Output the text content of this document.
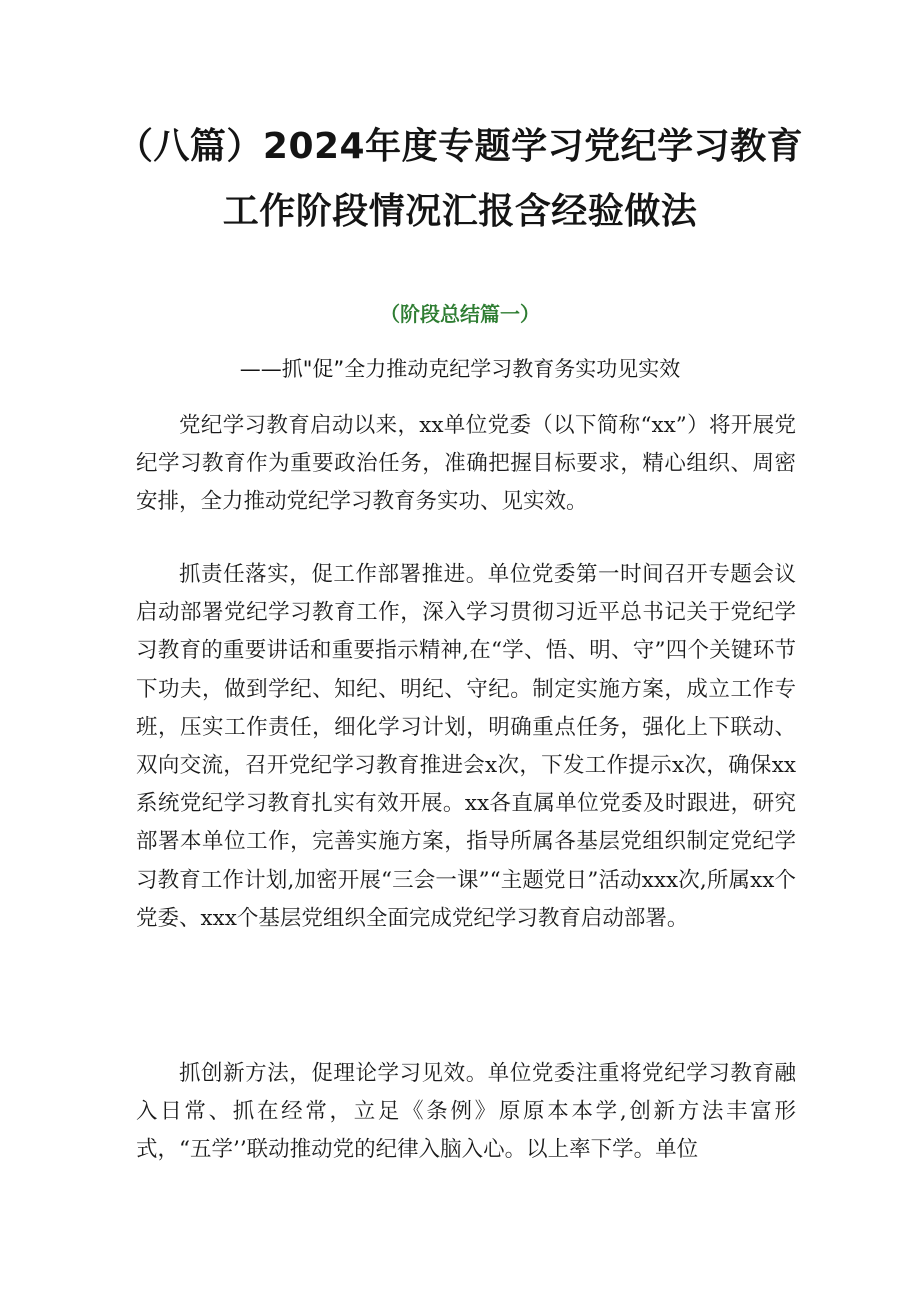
（八篇）2024年度专题学习党纪学习教育
工作阶段情况汇报含经验做法
（阶段总结篇一）
——抓"促”全力推动克纪学习教育务实功见实效
党纪学习教育启动以来，xx单位党委（以下简称“xx”）将开展党纪学习教育作为重要政治任务，准确把握目标要求，精心组织、周密安排，全力推动党纪学习教育务实功、见实效。
抓责任落实，促工作部署推进。单位党委第一时间召开专题会议启动部署党纪学习教育工作，深入学习贯彻习近平总书记关于党纪学习教育的重要讲话和重要指示精神,在“学、悟、明、守”四个关键环节下功夫，做到学纪、知纪、明纪、守纪。制定实施方案，成立工作专班，压实工作责任，细化学习计划，明确重点任务，强化上下联动、双向交流，召开党纪学习教育推进会x次，下发工作提示x次，确保xx系统党纪学习教育扎实有效开展。xx各直属单位党委及时跟进，研究部署本单位工作，完善实施方案，指导所属各基层党组织制定党纪学习教育工作计划,加密开展“三会一课”“主题党日”活动xxx次,所属xx个党委、xxx个基层党组织全面完成党纪学习教育启动部署。
抓创新方法，促理论学习见效。单位党委注重将党纪学习教育融入日常、抓在经常，立足《条例》原原本本学,创新方法丰富形式，“五学’’联动推动党的纪律入脑入心。以上率下学。单位
